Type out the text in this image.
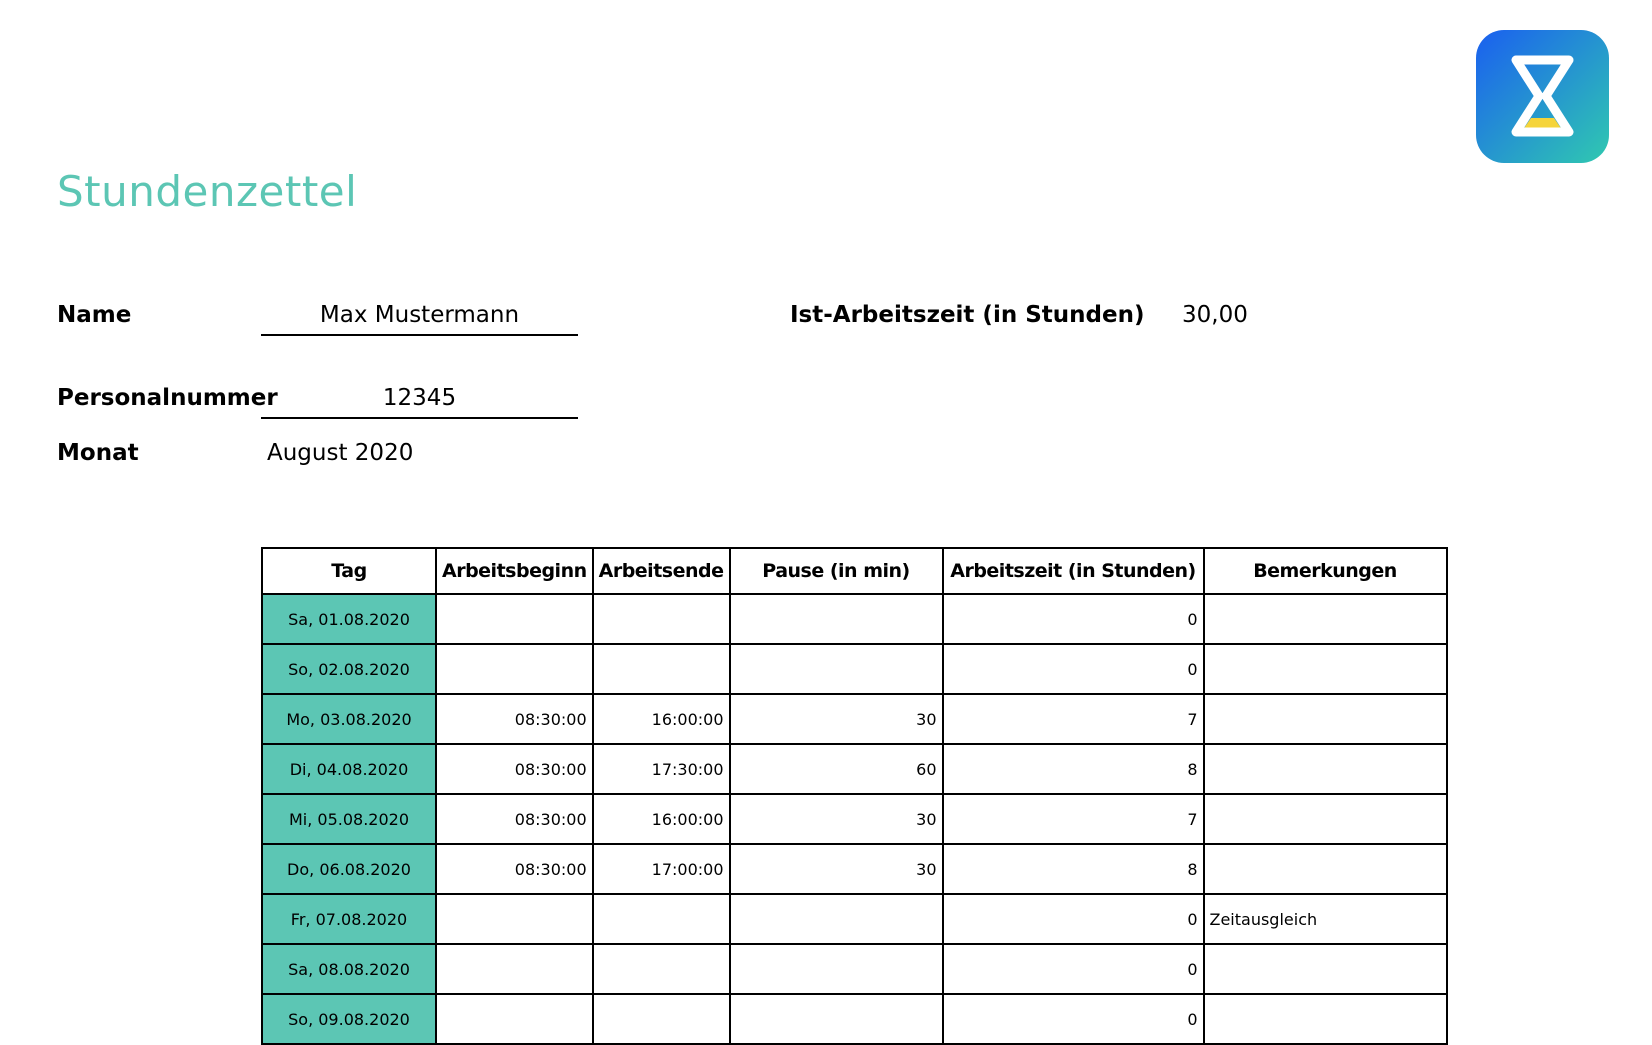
Stundenzettel
Name	Max Mustermann
Personalnummer	12345
Monat	August 2020
Ist-Arbeitszeit (in Stunden) 30,00
Tag	Arbeitsbeginn	Arbeitsende	Pause (in min)	Arbeitszeit (in Stunden)	Bemerkungen
Sa, 01.08.2020				0	
So, 02.08.2020				0	
Mo, 03.08.2020	08:30:00	16:00:00	30	7	
Di, 04.08.2020	08:30:00	17:30:00	60	8	
Mi, 05.08.2020	08:30:00	16:00:00	30	7	
Do, 06.08.2020	08:30:00	17:00:00	30	8	
Fr, 07.08.2020				0	Zeitausgleich
Sa, 08.08.2020				0	
So, 09.08.2020				0	
